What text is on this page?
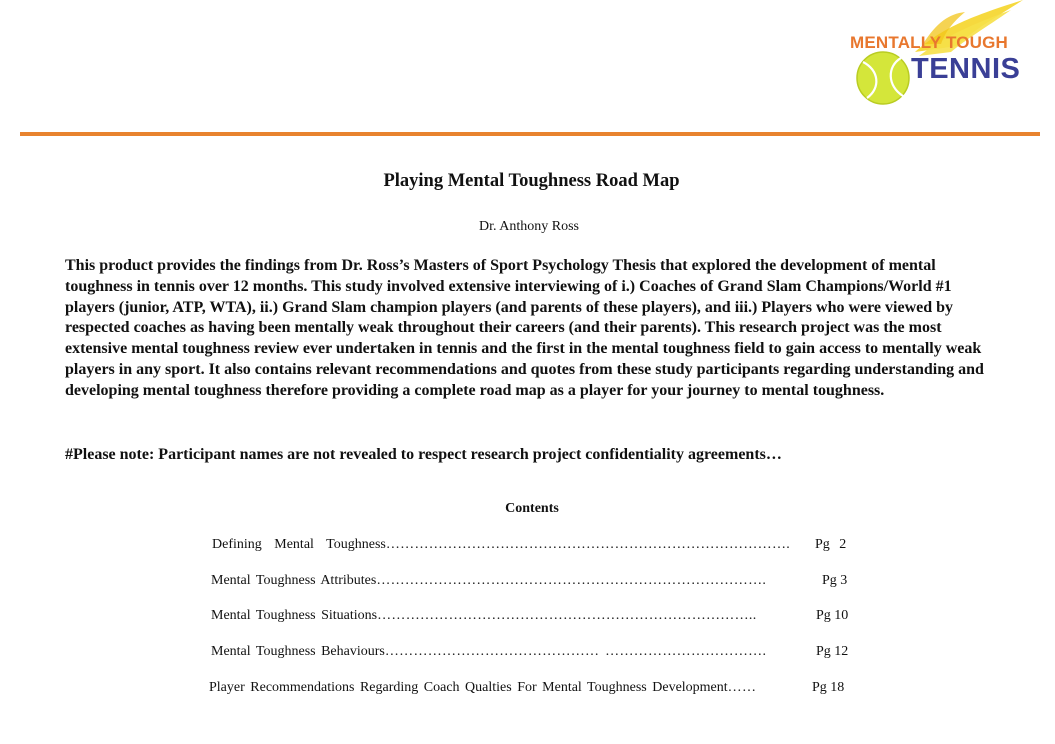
MENTALLY TOUGH
TENNIS
Playing Mental Toughness Road Map
Dr. Anthony Ross

This product provides the findings from Dr. Ross’s Masters of Sport Psychology Thesis that explored the development of mental toughness in tennis over 12 months. This study involved extensive interviewing of i.) Coaches of Grand Slam Champions/World #1 players (junior, ATP, WTA), ii.) Grand Slam champion players (and parents of these players), and iii.) Players who were viewed by respected coaches as having been mentally weak throughout their careers (and their parents). This research project was the most extensive mental toughness review ever undertaken in tennis and the first in the mental toughness field to gain access to mentally weak players in any sport. It also contains relevant recommendations and quotes from these study participants regarding understanding and developing mental toughness therefore providing a complete road map as a player for your journey to mental toughness.

#Please note: Participant names are not revealed to respect research project confidentiality agreements…

Contents
Defining Mental Toughness…………………………………………………………………………. Pg 2
Mental Toughness Attributes……………………………………………………………………….	Pg 3
Mental Toughness Situations……………………………………………………………………..	Pg 10
Mental Toughness Behaviours……………………………………… …………………………….	Pg 12
Player Recommendations Regarding Coach Qualties For Mental Toughness Development……	Pg 18
